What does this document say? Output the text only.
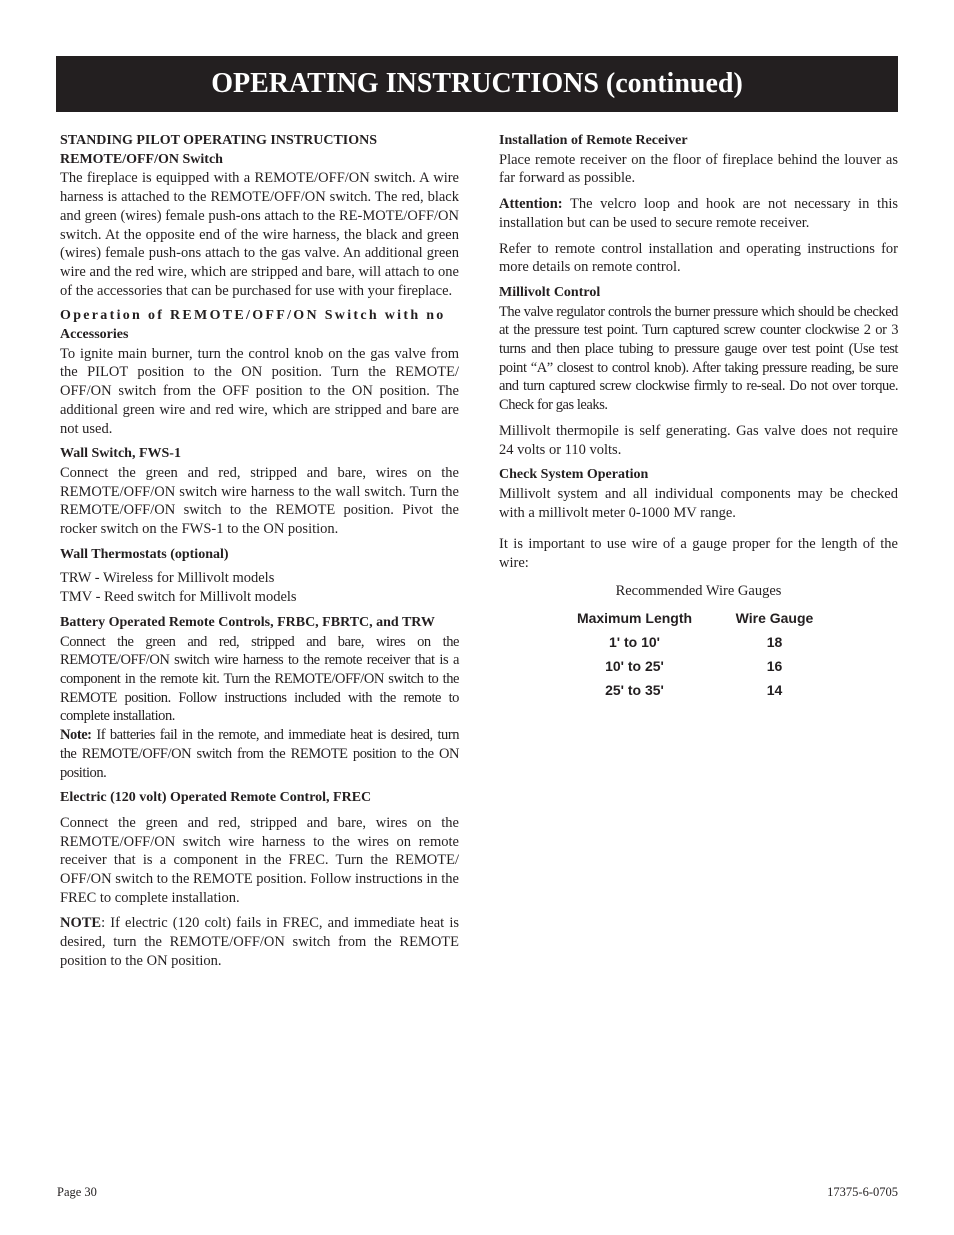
OPERATING INSTRUCTIONS (continued)
STANDING PILOT OPERATING INSTRUCTIONS
REMOTE/OFF/ON Switch

The fireplace is equipped with a REMOTE/OFF/ON switch. A wire harness is attached to the REMOTE/OFF/ON switch. The red, black and green (wires) female push-ons attach to the RE-MOTE/OFF/ON switch. At the opposite end of the wire harness, the black and green (wires) female push-ons attach to the gas valve. An additional green wire and the red wire, which are stripped and bare, will attach to one of the accessories that can be purchased for use with your fireplace.

Operation of REMOTE/OFF/ON Switch with no
Accessories

To ignite main burner, turn the control knob on the gas valve from the PILOT position to the ON position. Turn the REMOTE/ OFF/ON switch from the OFF position to the ON position. The additional green wire and red wire, which are stripped and bare are not used.

Wall Switch, FWS-1

Connect the green and red, stripped and bare, wires on the REMOTE/OFF/ON switch wire harness to the wall switch. Turn the REMOTE/OFF/ON switch to the REMOTE position. Pivot the rocker switch on the FWS-1 to the ON position.

Wall Thermostats (optional)
TRW - Wireless for Millivolt models
TMV - Reed switch for Millivolt models
Battery Operated Remote Controls, FRBC, FBRTC, and TRW

Connect the green and red, stripped and bare, wires on the REMOTE/OFF/ON switch wire harness to the remote receiver that is a component in the remote kit. Turn the REMOTE/OFF/ON switch to the REMOTE position. Follow instructions included with the remote to complete installation.

Note: If batteries fail in the remote, and immediate heat is desired, turn the REMOTE/OFF/ON switch from the REMOTE position to the ON position.

Electric (120 volt) Operated Remote Control, FREC

Connect the green and red, stripped and bare, wires on the REMOTE/OFF/ON switch wire harness to the wires on remote receiver that is a component in the FREC. Turn the REMOTE/ OFF/ON switch to the REMOTE position. Follow instructions in the FREC to complete installation.

NOTE: If electric (120 colt) fails in FREC, and immediate heat is desired, turn the REMOTE/OFF/ON switch from the REMOTE position to the ON position.

Installation of Remote Receiver

Place remote receiver on the floor of fireplace behind the louver as far forward as possible.

Attention: The velcro loop and hook are not necessary in this installation but can be used to secure remote receiver.

Refer to remote control installation and operating instructions for more details on remote control.

Millivolt Control

The valve regulator controls the burner pressure which should be checked at the pressure test point. Turn captured screw counter clockwise 2 or 3 turns and then place tubing to pressure gauge over test point (Use test point “A” closest to control knob). After taking pressure reading, be sure and turn captured screw clockwise firmly to re-seal. Do not over torque. Check for gas leaks.

Millivolt thermopile is self generating. Gas valve does not require 24 volts or 110 volts.

Check System Operation

Millivolt system and all individual components may be checked with a millivolt meter 0-1000 MV range.

It is important to use wire of a gauge proper for the length of the wire:

Recommended Wire Gauges
Maximum Length	Wire Gauge
1' to 10'	18
10' to 25'	16
25' to 35'	14
Page 30	17375-6-0705
